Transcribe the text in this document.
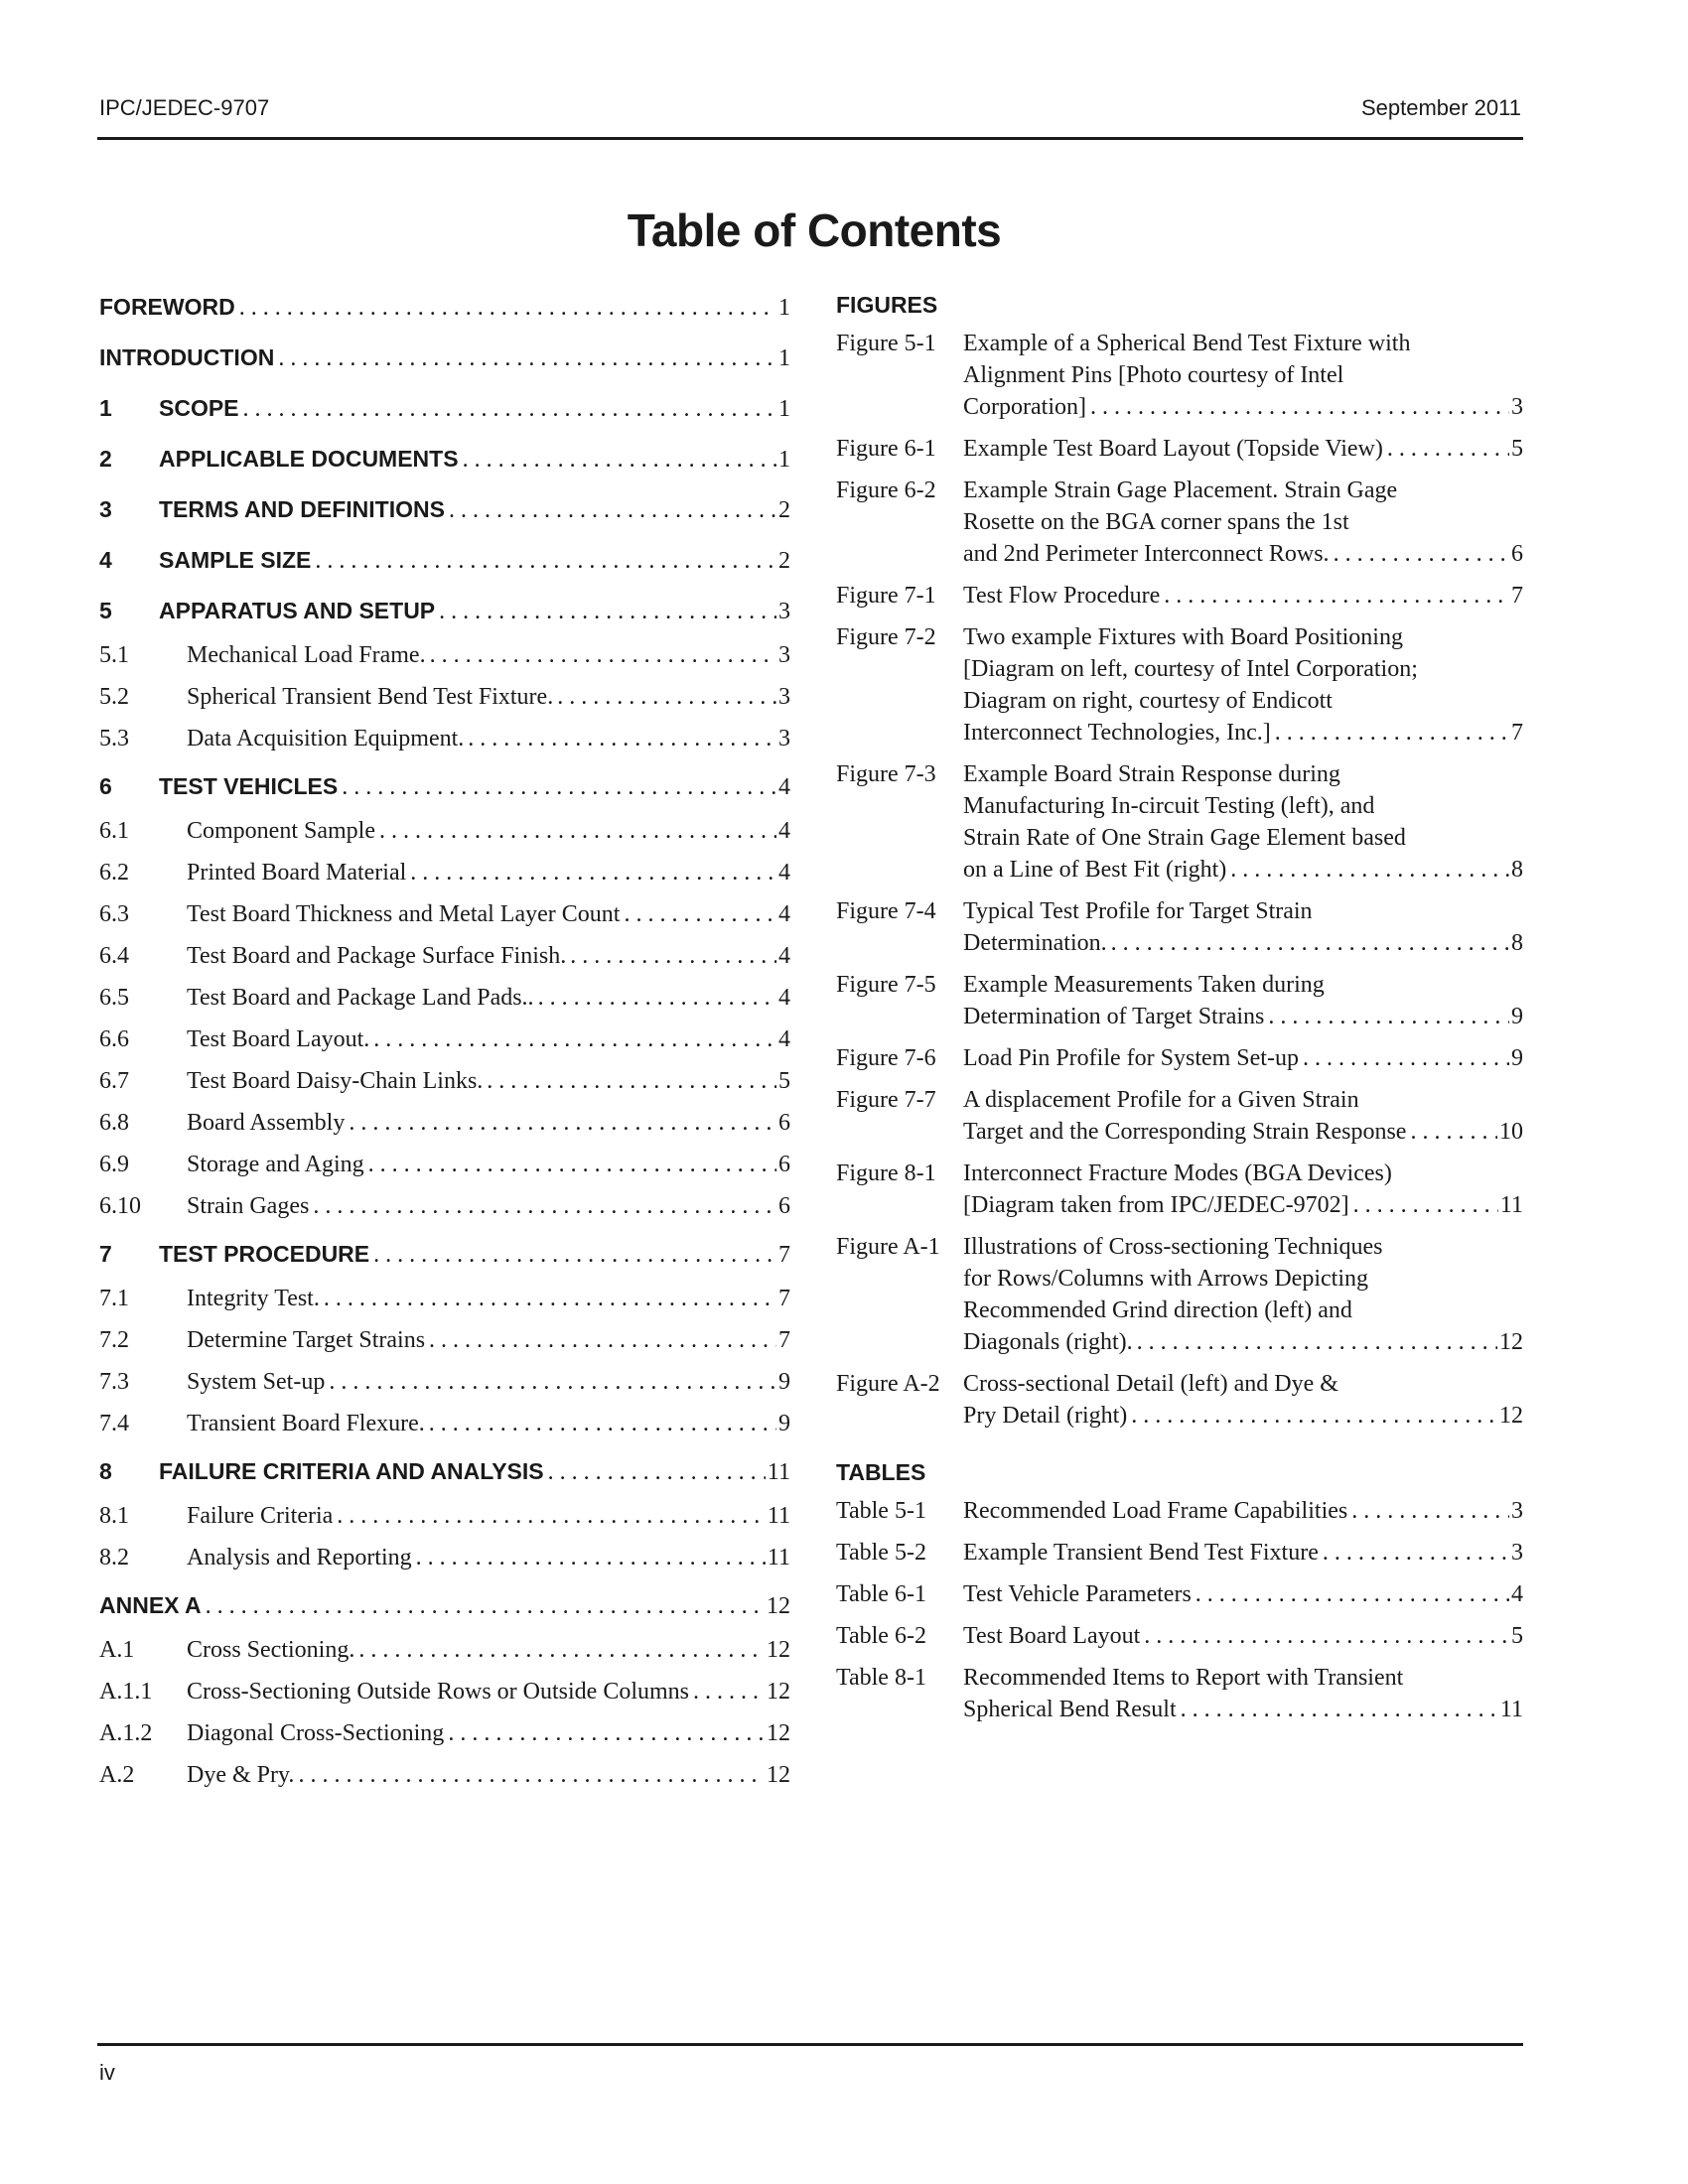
IPC/JEDEC-9707	September 2011
Table of Contents
FOREWORD . . .	1
INTRODUCTION . . .	1
1	SCOPE . . .	1
2	APPLICABLE DOCUMENTS . . .	1
3	TERMS AND DEFINITIONS . . .	2
4	SAMPLE SIZE . . .	2
5	APPARATUS AND SETUP . . .	3
5.1	Mechanical Load Frame. . . .	3
5.2	Spherical Transient Bend Test Fixture. . . .	3
5.3	Data Acquisition Equipment. . . .	3
6	TEST VEHICLES . . .	4
6.1	Component Sample . . .	4
6.2	Printed Board Material . . .	4
6.3	Test Board Thickness and Metal Layer Count . . .	4
6.4	Test Board and Package Surface Finish. . . .	4
6.5	Test Board and Package Land Pads.. . . .	4
6.6	Test Board Layout. . . .	4
6.7	Test Board Daisy-Chain Links. . . .	5
6.8	Board Assembly . . .	6
6.9	Storage and Aging . . .	6
6.10	Strain Gages . . .	6
7	TEST PROCEDURE . . .	7
7.1	Integrity Test. . . .	7
7.2	Determine Target Strains . . .	7
7.3	System Set-up . . .	9
7.4	Transient Board Flexure. . . .	9
8	FAILURE CRITERIA AND ANALYSIS . . .	11
8.1	Failure Criteria . . .	11
8.2	Analysis and Reporting . . .	11
ANNEX A . . .	12
A.1	Cross Sectioning. . . .	12
A.1.1	Cross-Sectioning Outside Rows or Outside Columns . . .	12
A.1.2	Diagonal Cross-Sectioning . . .	12
A.2	Dye & Pry. . . .	12
FIGURES
Figure 5-1	Example of a Spherical Bend Test Fixture with
Alignment Pins [Photo courtesy of Intel
Corporation] . . .	3
Figure 6-1	Example Test Board Layout (Topside View) . . .	5
Figure 6-2	Example Strain Gage Placement. Strain Gage
Rosette on the BGA corner spans the 1st
and 2nd Perimeter Interconnect Rows. . . .	6
Figure 7-1	Test Flow Procedure . . .	7
Figure 7-2	Two example Fixtures with Board Positioning
[Diagram on left, courtesy of Intel Corporation;
Diagram on right, courtesy of Endicott
Interconnect Technologies, Inc.] . . .	7
Figure 7-3	Example Board Strain Response during
Manufacturing In-circuit Testing (left), and
Strain Rate of One Strain Gage Element based
on a Line of Best Fit (right) . . .	8
Figure 7-4	Typical Test Profile for Target Strain
Determination. . . .	8
Figure 7-5	Example Measurements Taken during
Determination of Target Strains . . .	9
Figure 7-6	Load Pin Profile for System Set-up . . .	9
Figure 7-7	A displacement Profile for a Given Strain
Target and the Corresponding Strain Response . . .	10
Figure 8-1	Interconnect Fracture Modes (BGA Devices)
[Diagram taken from IPC/JEDEC-9702] . . .	11
Figure A-1 Illustrations of Cross-sectioning Techniques
for Rows/Columns with Arrows Depicting
Recommended Grind direction (left) and
Diagonals (right). . . .	12
Figure A-2 Cross-sectional Detail (left) and Dye &
Pry Detail (right) . . .	12
TABLES
Table 5-1	Recommended Load Frame Capabilities . . .	3
Table 5-2	Example Transient Bend Test Fixture . . .	3
Table 6-1	Test Vehicle Parameters . . .	4
Table 6-2	Test Board Layout . . .	5
Table 8-1	Recommended Items to Report with Transient
Spherical Bend Result . . .	11
iv
